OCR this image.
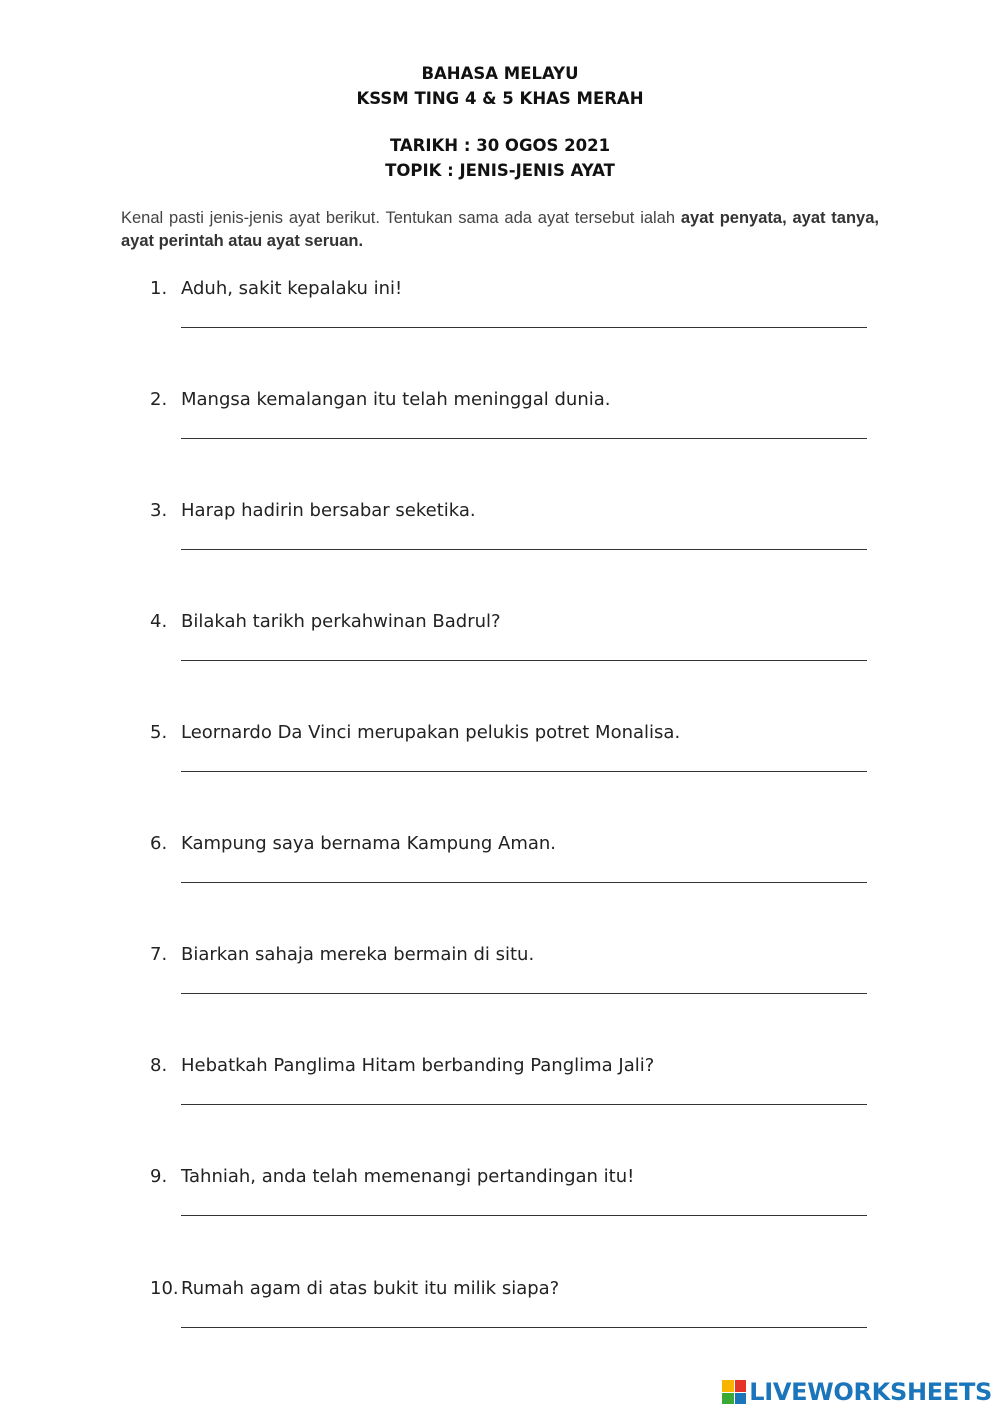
BAHASA MELAYU
KSSM TING 4 & 5 KHAS MERAH
TARIKH : 30 OGOS 2021
TOPIK : JENIS-JENIS AYAT
Kenal pasti jenis-jenis ayat berikut. Tentukan sama ada ayat tersebut ialah ayat penyata, ayat tanya, ayat perintah atau ayat seruan.
1. Aduh, sakit kepalaku ini!
2. Mangsa kemalangan itu telah meninggal dunia.
3. Harap hadirin bersabar seketika.
4. Bilakah tarikh perkahwinan Badrul?
5. Leornardo Da Vinci merupakan pelukis potret Monalisa.
6. Kampung saya bernama Kampung Aman.
7. Biarkan sahaja mereka bermain di situ.
8. Hebatkah Panglima Hitam berbanding Panglima Jali?
9. Tahniah, anda telah memenangi pertandingan itu!
10. Rumah agam di atas bukit itu milik siapa?
LIVEWORKSHEETS
